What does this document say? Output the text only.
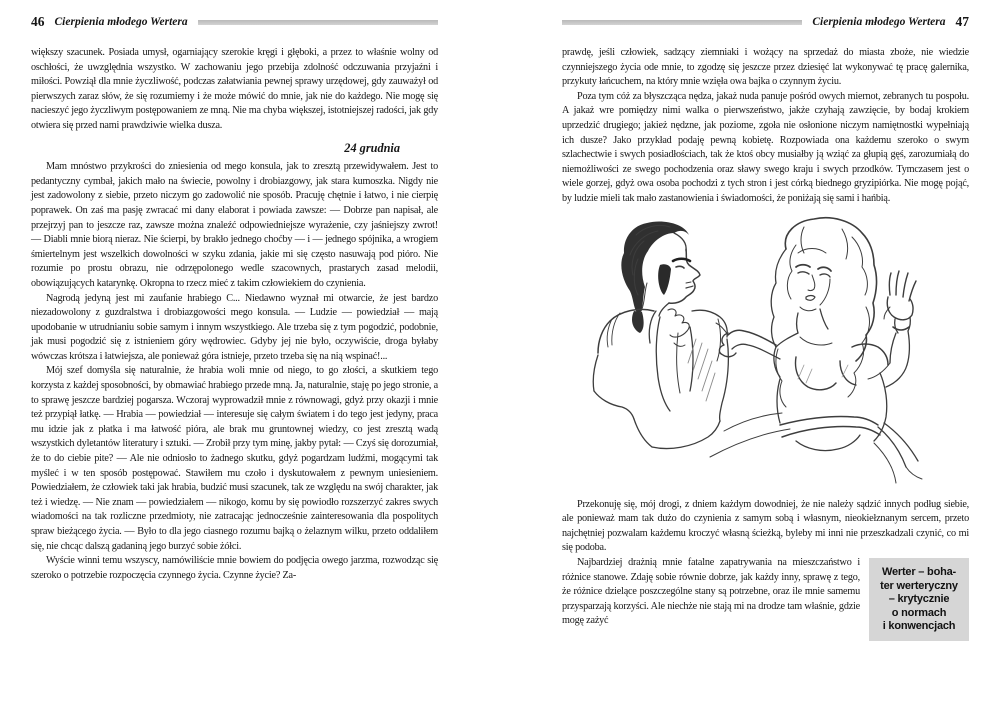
46 Cierpienia młodego Wertera

większy szacunek. Posiada umysł, ogarniający szerokie kręgi i głęboki, a przez to właśnie wolny od oschłości, że uwzględnia wszystko. W zachowaniu jego przebija zdolność odczuwania przyjaźni i miłości. Powziął dla mnie życzliwość, podczas załatwiania pewnej sprawy urzędowej, gdy zauważył od pierwszych zaraz słów, że się rozumiemy i że może mówić do mnie, jak nie do każdego. Nie mogę się nacieszyć jego życzliwym postępowaniem ze mną. Nie ma chyba większej, istotniejszej radości, jak gdy otwiera się przed nami prawdziwie wielka dusza.

24 grudnia

Mam mnóstwo przykrości do zniesienia od mego konsula, jak to zresztą przewidywałem. Jest to pedantyczny cymbał, jakich mało na świecie, powolny i drobiazgowy, jak stara kumoszka. Nigdy nie jest zadowolony z siebie, przeto niczym go zadowolić nie sposób. Pracuję chętnie i łatwo, i nie cierpię poprawek. On zaś ma pasję zwracać mi dany elaborat i powiada zawsze: — Dobrze pan napisał, ale przejrzyj pan to jeszcze raz, zawsze można znaleźć odpowiedniejsze wyrażenie, czy jaśniejszy zwrot! — Diabli mnie biorą nieraz. Nie ścierpi, by brakło jednego choćby — i — jednego spójnika, a wrogiem śmiertelnym jest wszelkich dowolności w szyku zdania, jakie mi się często nasuwają pod pióro. Nie rozumie po prostu obrazu, nie odrzępolonego wedle szacownych, prastarych zasad melodii, obowiązujących katarynkę. Okropna to rzecz mieć z takim człowiekiem do czynienia.

Nagrodą jedyną jest mi zaufanie hrabiego C... Niedawno wyznał mi otwarcie, że jest bardzo niezadowolony z guzdralstwa i drobiazgowości mego konsula. — Ludzie — powiedział — mają upodobanie w utrudnianiu sobie samym i innym wszystkiego. Ale trzeba się z tym pogodzić, podobnie, jak musi pogodzić się z istnieniem góry wędrowiec. Gdyby jej nie było, oczywiście, droga byłaby wówczas krótsza i łatwiejsza, ale ponieważ góra istnieje, przeto trzeba się na nią wspinać!...

Mój szef domyśla się naturalnie, że hrabia woli mnie od niego, to go złości, a skutkiem tego korzysta z każdej sposobności, by obmawiać hrabiego przede mną. Ja, naturalnie, staję po jego stronie, a to sprawę jeszcze bardziej pogarsza. Wczoraj wyprowadził mnie z równowagi, gdyż przy okazji i mnie też przypiął łatkę. — Hrabia — powiedział — interesuje się całym światem i do tego jest jedyny, praca mu idzie jak z płatka i ma łatwość pióra, ale brak mu gruntownej wiedzy, co jest zresztą wadą wszystkich dyletantów literatury i sztuki. — Zrobił przy tym minę, jakby pytał: — Czyś się dorozumiał, że to do ciebie pite? — Ale nie odniosło to żadnego skutku, gdyż pogardzam ludźmi, mogącymi tak myśleć i w ten sposób postępować. Stawiłem mu czoło i dyskutowałem z pewnym uniesieniem. Powiedziałem, że człowiek taki jak hrabia, budzić musi szacunek, tak ze względu na swój charakter, jak też i wiedzę. — Nie znam — powiedziałem — nikogo, komu by się powiodło rozszerzyć zakres swych wiadomości na tak rozliczne przedmioty, nie zatracając jednocześnie zainteresowania dla pospolitych spraw bieżącego życia. — Było to dla jego ciasnego rozumu bajką o żelaznym wilku, przeto oddaliłem się, nie chcąc dalszą gadaniną jego burzyć sobie żółci.

Wyście winni temu wszyscy, namówiliście mnie bowiem do podjęcia owego jarzma, rozwodząc się szeroko o potrzebie rozpoczęcia czynnego życia. Czynne życie? Za-

Cierpienia młodego Wertera 47

prawdę, jeśli człowiek, sadzący ziemniaki i wożący na sprzedaż do miasta zboże, nie wiedzie czynniejszego życia ode mnie, to zgodzę się jeszcze przez dziesięć lat wykonywać tę pracę galernika, przykuty łańcuchem, na który mnie wzięła owa bajka o czynnym życiu.

Poza tym cóż za błyszcząca nędza, jakaż nuda panuje pośród owych miernot, zebranych tu pospołu. A jakaż wre pomiędzy nimi walka o pierwszeństwo, jakże czyhają zawzięcie, by bodaj krokiem uprzedzić drugiego; jakież nędzne, jak poziome, zgoła nie osłonione niczym namiętnostki wypełniają ich dusze? Jako przykład podaję pewną kobietę. Rozpowiada ona każdemu szeroko o swym szlachectwie i swych posiadłościach, tak że ktoś obcy musiałby ją wziąć za głupią gęś, zarozumiałą do niemożliwości ze swego pochodzenia oraz sławy swego kraju i swych przodków. Tymczasem jest o wiele gorzej, gdyż owa osoba pochodzi z tych stron i jest córką biednego gryzipiórka. Nie mogę pojąć, by ludzie mieli tak mało zastanowienia i świadomości, że poniżają się sami i hańbią.

Przekonuję się, mój drogi, z dniem każdym dowodniej, że nie należy sądzić innych podług siebie, ale ponieważ mam tak dużo do czynienia z samym sobą i własnym, nieokiełznanym sercem, przeto najchętniej pozwalam każdemu kroczyć własną ścieżką, byleby mi inni nie przeszkadzali czynić, co mi się podoba.

Werter – boha-
ter werteryczny
– krytycznie
o normach
i konwencjach
Najbardziej drażnią mnie fatalne zapatrywania na mieszczaństwo i różnice stanowe. Zdaję sobie równie dobrze, jak każdy inny, sprawę z tego, że różnice dzielące poszczególne stany są potrzebne, oraz ile mnie samemu przysparzają korzyści. Ale niechże nie stają mi na drodze tam właśnie, gdzie mogę zażyć
